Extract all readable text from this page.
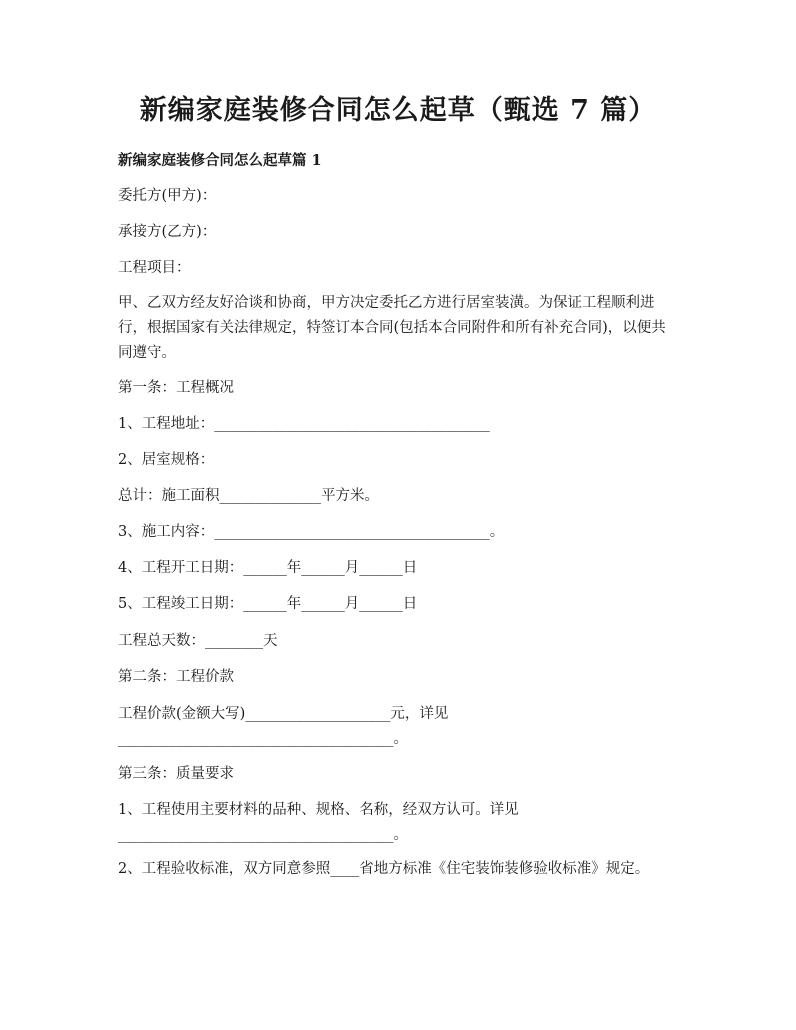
新编家庭装修合同怎么起草（甄选 7 篇）
新编家庭装修合同怎么起草篇 1
委托方(甲方)：
承接方(乙方)：
工程项目：
甲、乙双方经友好洽谈和协商，甲方决定委托乙方进行居室装潢。为保证工程顺利进行，根据国家有关法律规定，特签订本合同(包括本合同附件和所有补充合同)，以便共同遵守。
第一条：工程概况
1、工程地址：______________________________________
2、居室规格：
总计：施工面积______________平方米。
3、施工内容：______________________________________。
4、工程开工日期：______年______月______日
5、工程竣工日期：______年______月______日
工程总天数：________天
第二条：工程价款
工程价款(金额大写)____________________元，详见 ______________________________________。
第三条：质量要求
1、工程使用主要材料的品种、规格、名称，经双方认可。详见 ______________________________________。
2、工程验收标准，双方同意参照____省地方标准《住宅装饰装修验收标准》规定。
